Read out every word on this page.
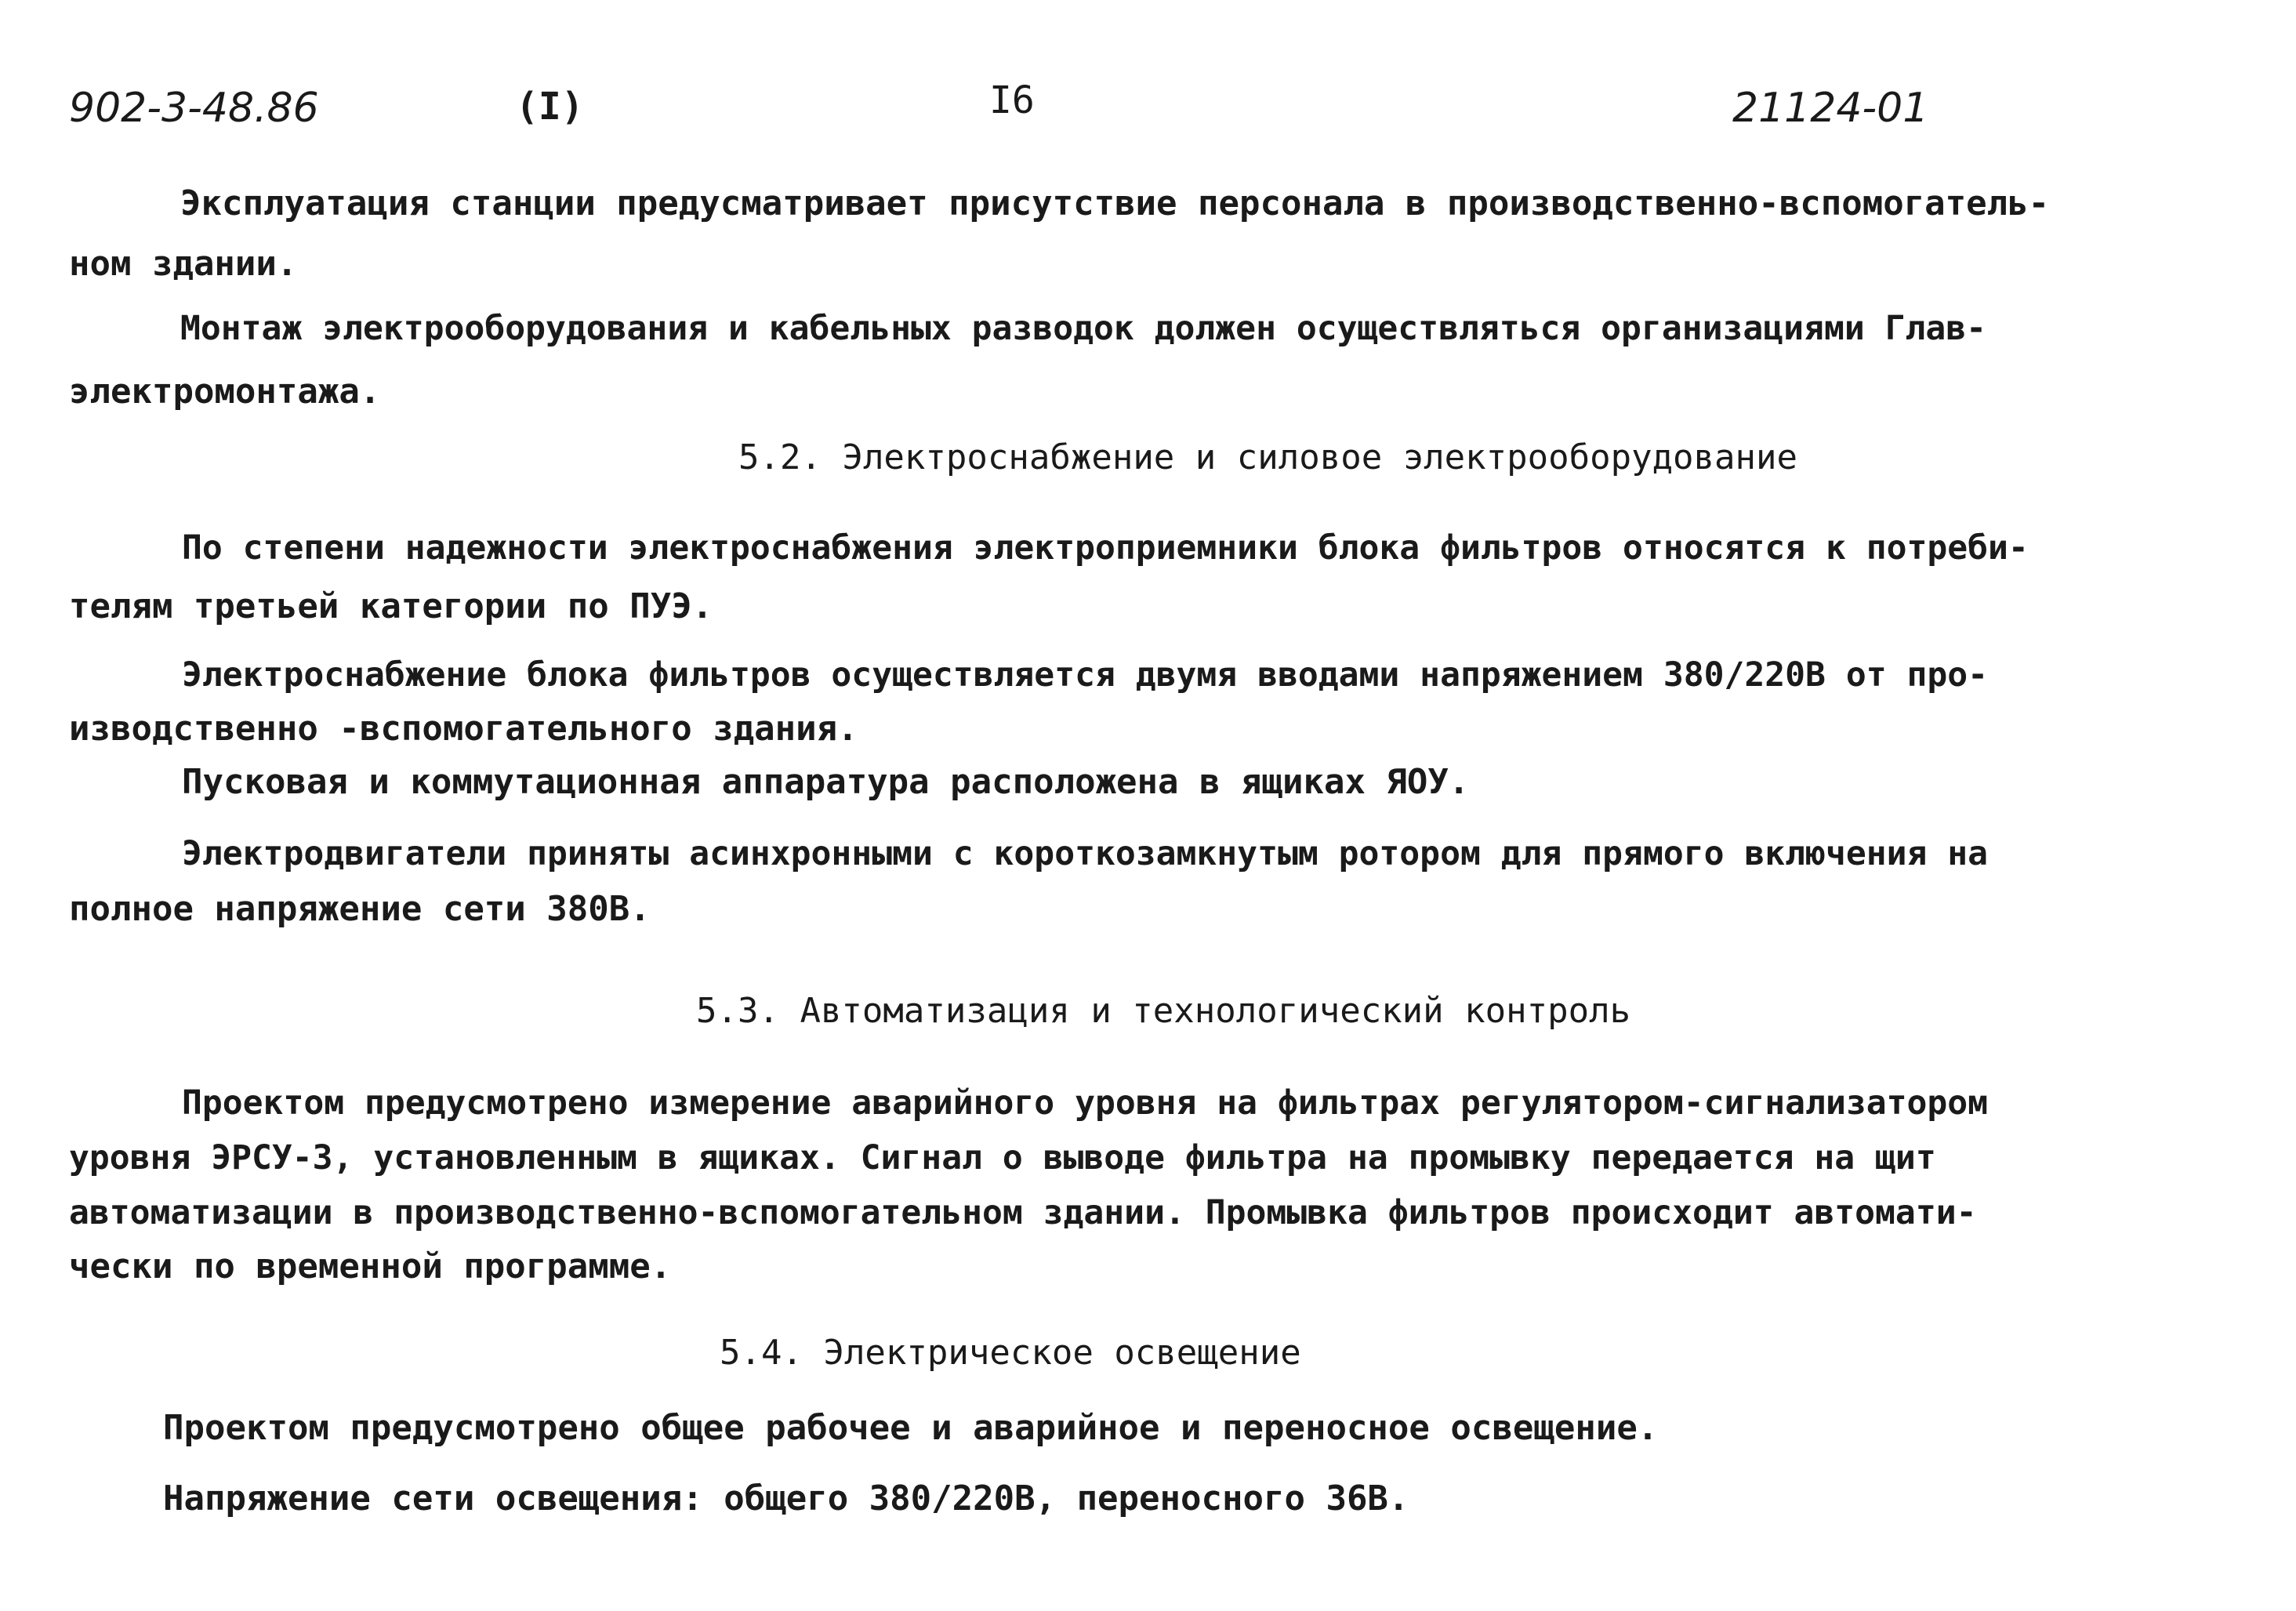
902-3-48.86	(I)	I6	21124-01
Эксплуатация станции предусматривает присутствие персонала в производственно-вспомогатель-
ном здании.
Монтаж электрооборудования и кабельных разводок должен осуществляться организациями Глав-
электромонтажа.
5.2. Электроснабжение и силовое электрооборудование
По степени надежности электроснабжения электроприемники блока фильтров относятся к потреби-
телям третьей категории по ПУЭ.
Электроснабжение блока фильтров осуществляется двумя вводами напряжением 380/220В от про-
изводственно -вспомогательного здания.
Пусковая и коммутационная аппаратура расположена в ящиках ЯОУ.
Электродвигатели приняты асинхронными с короткозамкнутым ротором для прямого включения на
полное напряжение сети 380В.
5.3. Автоматизация и технологический контроль
Проектом предусмотрено измерение аварийного уровня на фильтрах регулятором-сигнализатором
уровня ЭРСУ-3, установленным в ящиках. Сигнал о выводе фильтра на промывку передается на щит
автоматизации в производственно-вспомогательном здании. Промывка фильтров происходит автомати-
чески по временной программе.
5.4. Электрическое освещение
Проектом предусмотрено общее рабочее и аварийное и переносное освещение.
Напряжение сети освещения: общего 380/220В, переносного 36В.
